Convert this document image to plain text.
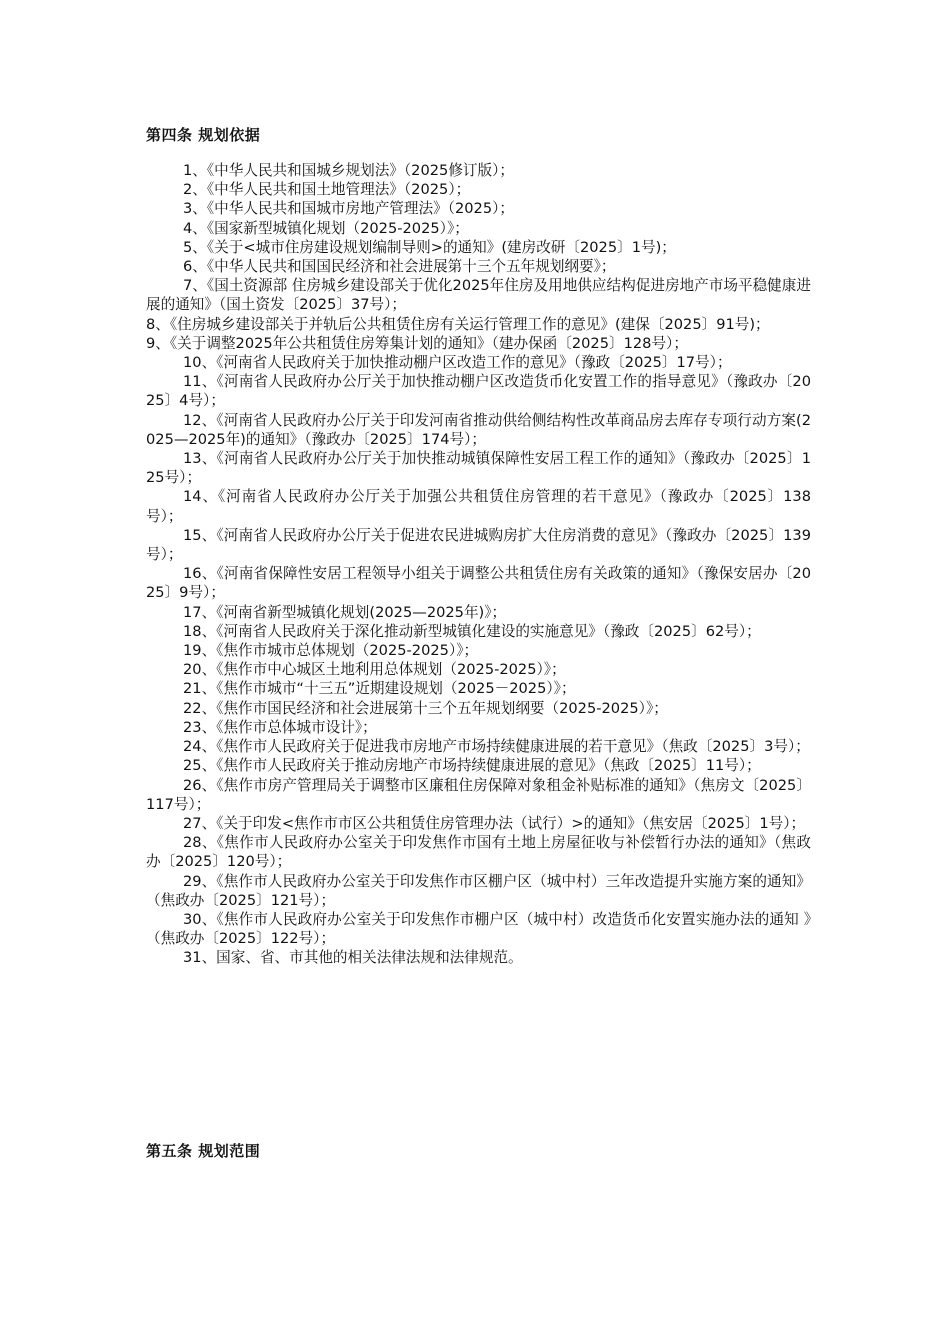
第四条 规划依据
1、《中华人民共和国城乡规划法》（2025修订版）；
2、《中华人民共和国土地管理法》（2025）；
3、《中华人民共和国城市房地产管理法》（2025）；
4、《国家新型城镇化规划（2025-2025）》；
5、《关于<城市住房建设规划编制导则>的通知》(建房改研〔2025〕1号)；
6、《中华人民共和国国民经济和社会进展第十三个五年规划纲要》；
7、《国土资源部 住房城乡建设部关于优化2025年住房及用地供应结构促进房地产市场平稳健康进展的通知》（国土资发〔2025〕37号）；
8、《住房城乡建设部关于并轨后公共租赁住房有关运行管理工作的意见》(建保〔2025〕91号)；
9、《关于调整2025年公共租赁住房筹集计划的通知》（建办保函〔2025〕128号）；
10、《河南省人民政府关于加快推动棚户区改造工作的意见》（豫政〔2025〕17号）；
11、《河南省人民政府办公厅关于加快推动棚户区改造货币化安置工作的指导意见》（豫政办〔2025〕4号）；
12、《河南省人民政府办公厅关于印发河南省推动供给侧结构性改革商品房去库存专项行动方案(2025—2025年)的通知》（豫政办〔2025〕174号）；
13、《河南省人民政府办公厅关于加快推动城镇保障性安居工程工作的通知》（豫政办〔2025〕125号）；
14、《河南省人民政府办公厅关于加强公共租赁住房管理的若干意见》（豫政办〔2025〕138号）；
15、《河南省人民政府办公厅关于促进农民进城购房扩大住房消费的意见》（豫政办〔2025〕139号）；
16、《河南省保障性安居工程领导小组关于调整公共租赁住房有关政策的通知》（豫保安居办〔2025〕9号）；
17、《河南省新型城镇化规划(2025—2025年)》；
18、《河南省人民政府关于深化推动新型城镇化建设的实施意见》（豫政〔2025〕62号）；
19、《焦作市城市总体规划（2025-2025）》；
20、《焦作市中心城区土地利用总体规划（2025-2025）》；
21、《焦作市城市“十三五”近期建设规划（2025－2025）》；
22、《焦作市国民经济和社会进展第十三个五年规划纲要（2025-2025）》；
23、《焦作市总体城市设计》；
24、《焦作市人民政府关于促进我市房地产市场持续健康进展的若干意见》（焦政〔2025〕3号）；
25、《焦作市人民政府关于推动房地产市场持续健康进展的意见》（焦政〔2025〕11号）；
26、《焦作市房产管理局关于调整市区廉租住房保障对象租金补贴标准的通知》（焦房文〔2025〕117号）；
27、《关于印发<焦作市市区公共租赁住房管理办法（试行）>的通知》（焦安居〔2025〕1号）；
28、《焦作市人民政府办公室关于印发焦作市国有土地上房屋征收与补偿暂行办法的通知》（焦政办〔2025〕120号）；
29、《焦作市人民政府办公室关于印发焦作市区棚户区（城中村）三年改造提升实施方案的通知》（焦政办〔2025〕121号）；
30、《焦作市人民政府办公室关于印发焦作市棚户区（城中村）改造货币化安置实施办法的通知 》（焦政办〔2025〕122号）；
31、国家、省、市其他的相关法律法规和法律规范。
第五条 规划范围
